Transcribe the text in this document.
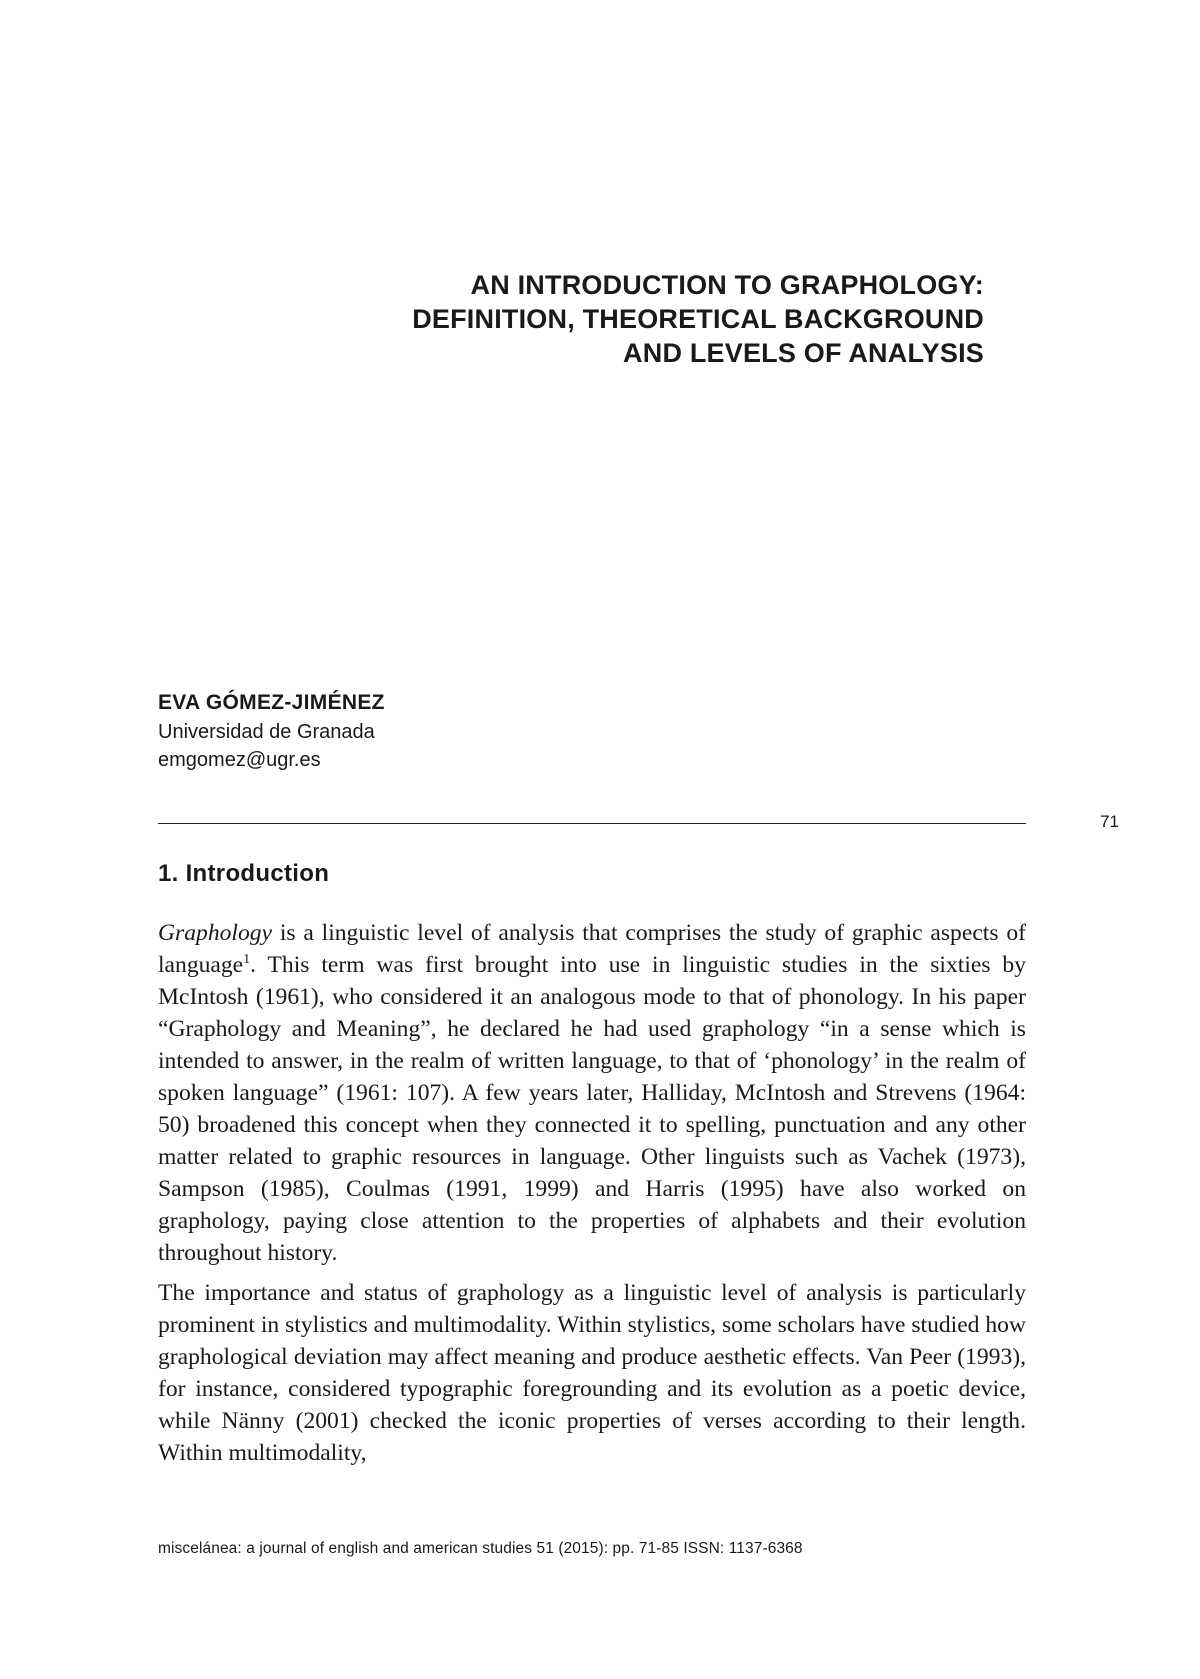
AN INTRODUCTION TO GRAPHOLOGY:
DEFINITION, THEORETICAL BACKGROUND
AND LEVELS OF ANALYSIS
EVA GÓMEZ-JIMÉNEZ
Universidad de Granada
emgomez@ugr.es
71
1. Introduction

Graphology is a linguistic level of analysis that comprises the study of graphic aspects of language$^1$. This term was first brought into use in linguistic studies in the sixties by McIntosh (1961), who considered it an analogous mode to that of phonology. In his paper “Graphology and Meaning”, he declared he had used graphology “in a sense which is intended to answer, in the realm of written language, to that of ‘phonology’ in the realm of spoken language” (1961: 107). A few years later, Halliday, McIntosh and Strevens (1964: 50) broadened this concept when they connected it to spelling, punctuation and any other matter related to graphic resources in language. Other linguists such as Vachek (1973), Sampson (1985), Coulmas (1991, 1999) and Harris (1995) have also worked on graphology, paying close attention to the properties of alphabets and their evolution throughout history.

The importance and status of graphology as a linguistic level of analysis is particularly prominent in stylistics and multimodality. Within stylistics, some scholars have studied how graphological deviation may affect meaning and produce aesthetic effects. Van Peer (1993), for instance, considered typographic foregrounding and its evolution as a poetic device, while Nänny (2001) checked the iconic properties of verses according to their length. Within multimodality,

miscelánea: a journal of english and american studies 51 (2015): pp. 71-85 ISSN: 1137-6368
